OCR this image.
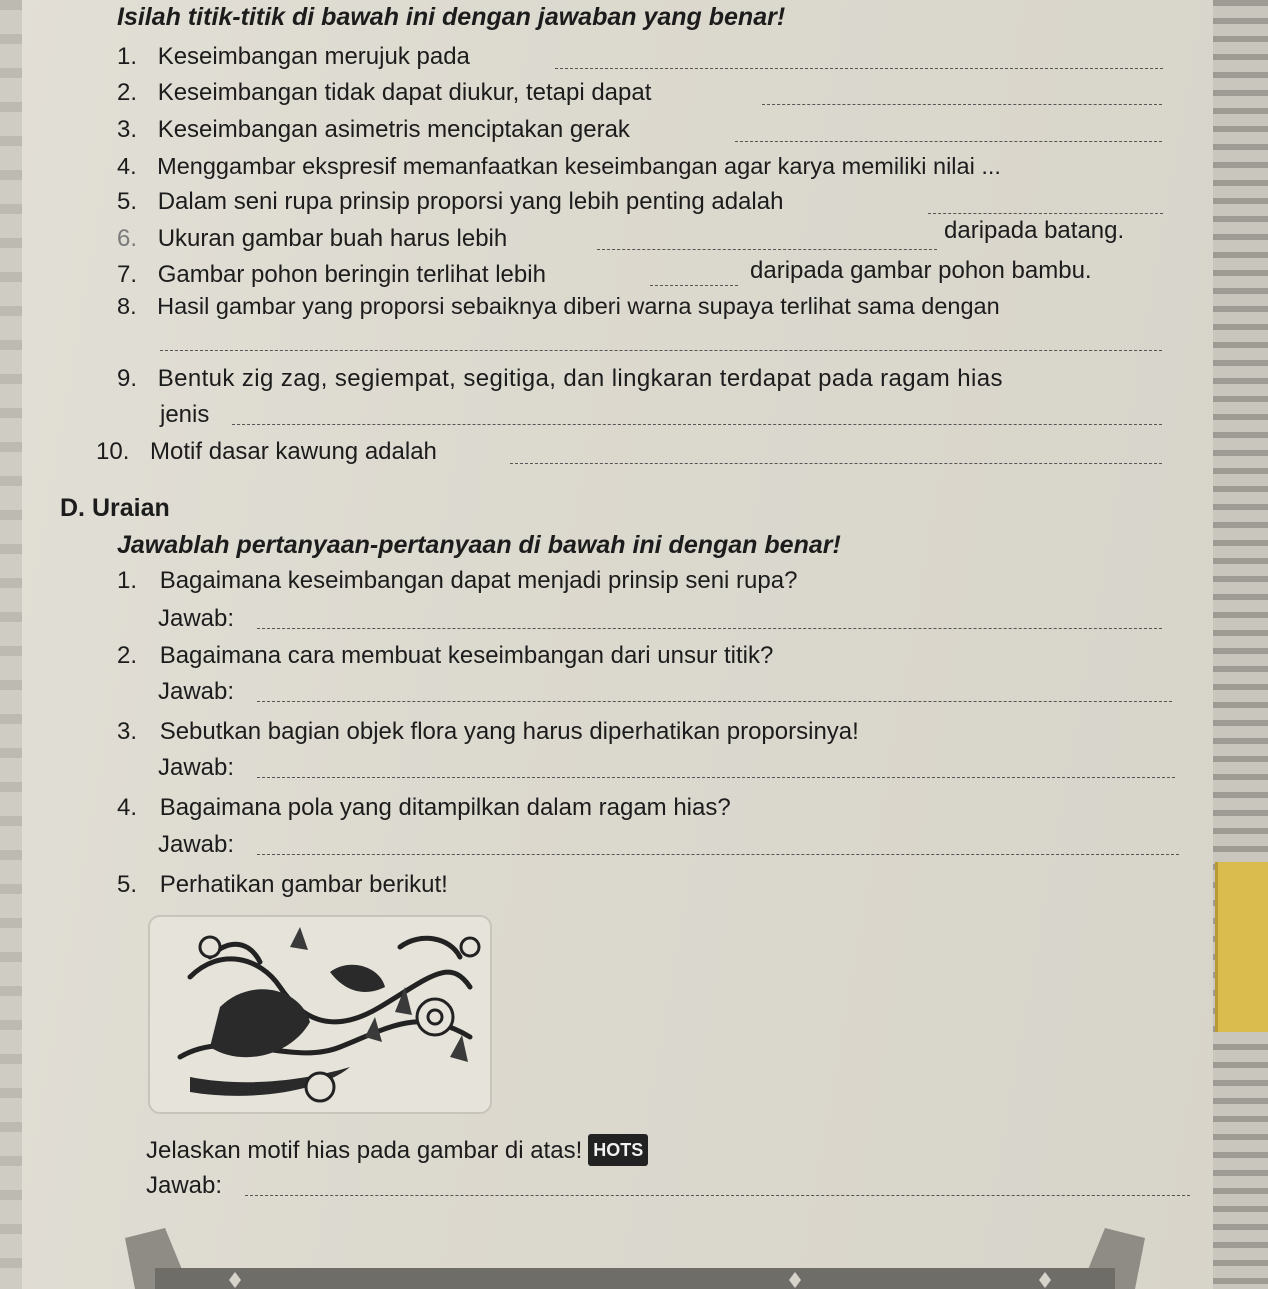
Isilah titik-titik di bawah ini dengan jawaban yang benar!
1. Keseimbangan merujuk pada
2. Keseimbangan tidak dapat diukur, tetapi dapat
3. Keseimbangan asimetris menciptakan gerak
4. Menggambar ekspresif memanfaatkan keseimbangan agar karya memiliki nilai ...
5. Dalam seni rupa prinsip proporsi yang lebih penting adalah
6. Ukuran gambar buah harus lebih	daripada batang.
7. Gambar pohon beringin terlihat lebih	daripada gambar pohon bambu.
8. Hasil gambar yang proporsi sebaiknya diberi warna supaya terlihat sama dengan
9. Bentuk zig zag, segiempat, segitiga, dan lingkaran terdapat pada ragam hias
jenis
10. Motif dasar kawung adalah
D. Uraian
Jawablah pertanyaan-pertanyaan di bawah ini dengan benar!
1. Bagaimana keseimbangan dapat menjadi prinsip seni rupa?
Jawab:
2. Bagaimana cara membuat keseimbangan dari unsur titik?
Jawab:
3. Sebutkan bagian objek flora yang harus diperhatikan proporsinya!
Jawab:
4. Bagaimana pola yang ditampilkan dalam ragam hias?
Jawab:
5. Perhatikan gambar berikut!
Jelaskan motif hias pada gambar di atas! HOTS
Jawab:
